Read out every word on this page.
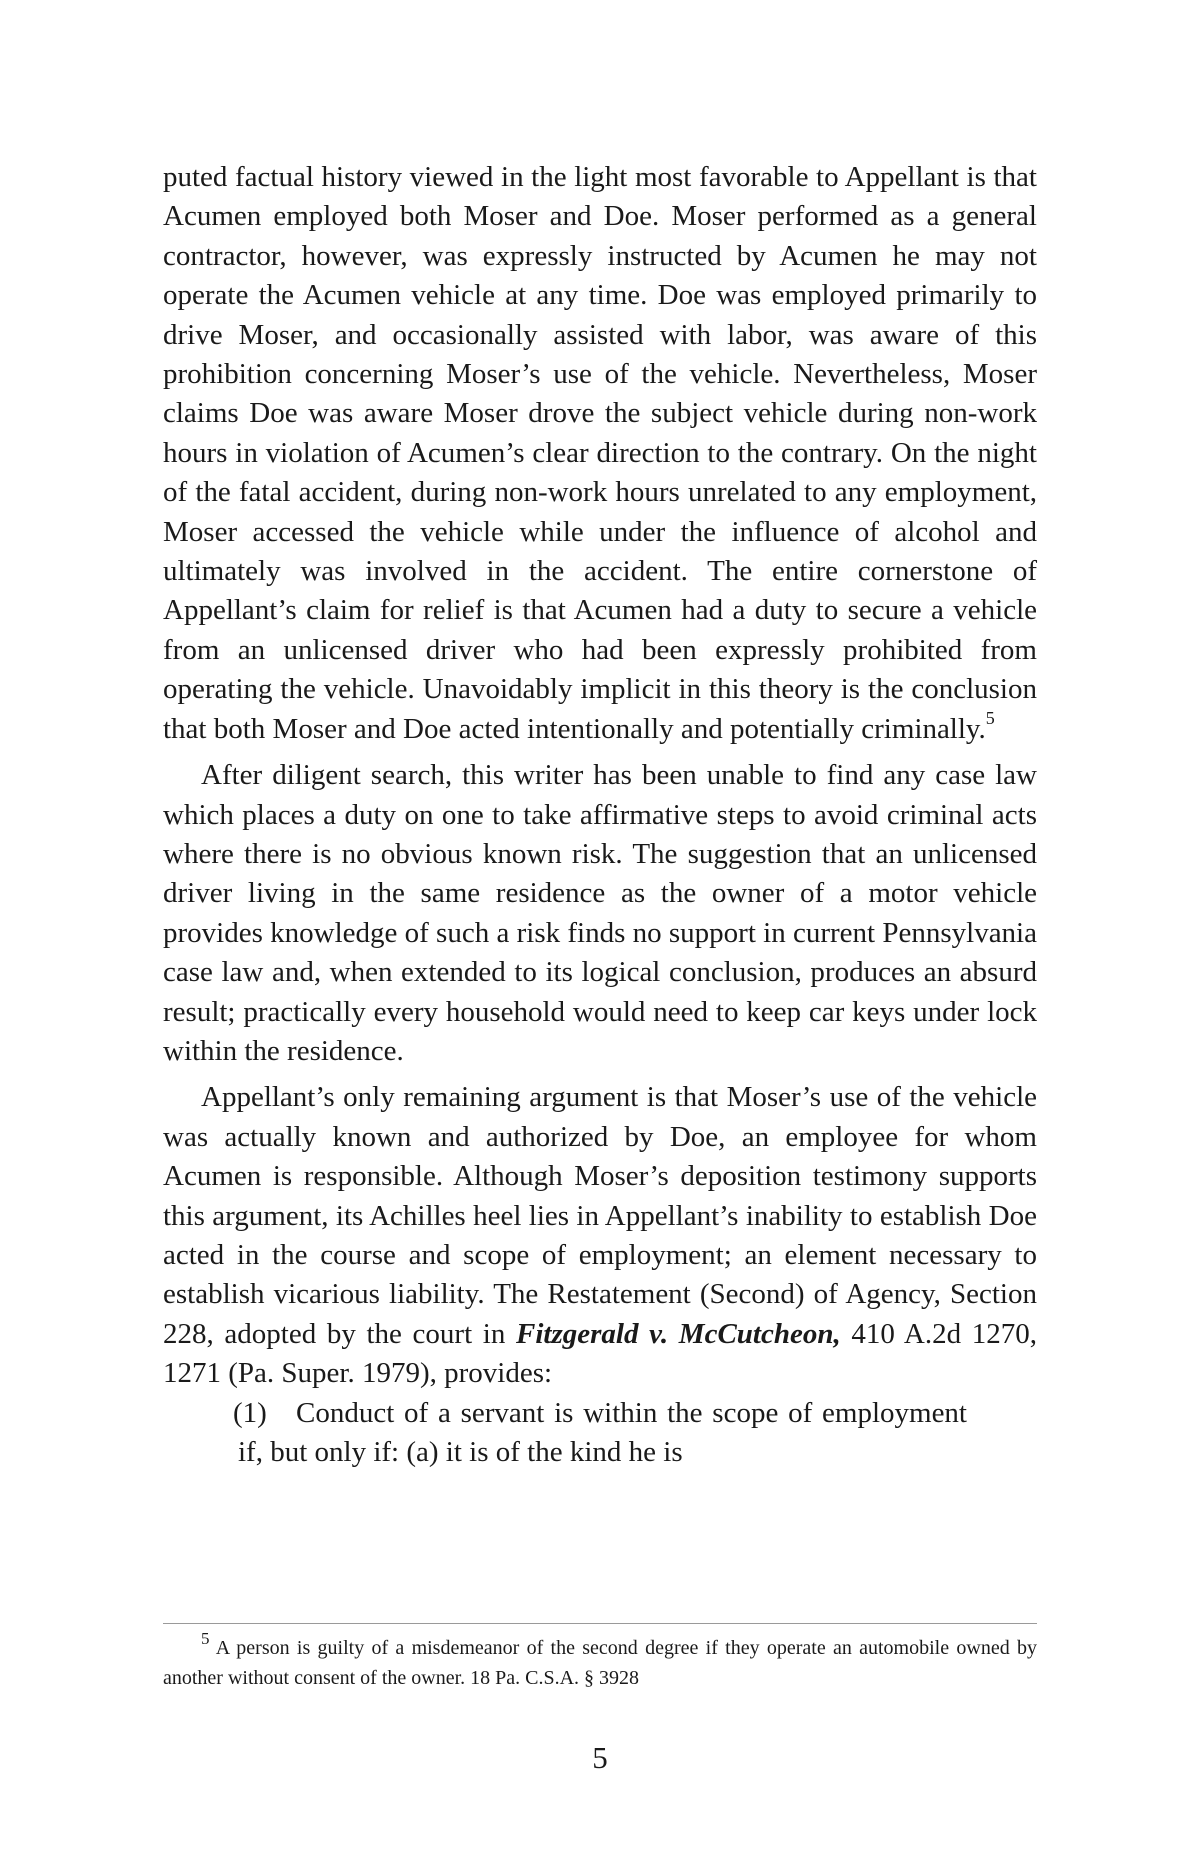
puted factual history viewed in the light most favorable to Appellant is that Acumen employed both Moser and Doe. Moser performed as a general contractor, however, was expressly instructed by Acumen he may not operate the Acumen vehicle at any time. Doe was employed primarily to drive Moser, and occasionally assisted with labor, was aware of this prohibition concerning Moser’s use of the vehicle. Nevertheless, Moser claims Doe was aware Moser drove the subject vehicle during non-work hours in violation of Acumen’s clear direction to the contrary. On the night of the fatal accident, during non-work hours unrelated to any employment, Moser accessed the vehicle while under the influence of alcohol and ultimately was involved in the accident. The entire cornerstone of Appellant’s claim for relief is that Acumen had a duty to secure a vehicle from an unlicensed driver who had been expressly prohibited from operating the vehicle. Unavoidably implicit in this theory is the conclusion that both Moser and Doe acted intentionally and potentially criminally.$^5$

After diligent search, this writer has been unable to find any case law which places a duty on one to take affirmative steps to avoid criminal acts where there is no obvious known risk. The suggestion that an unlicensed driver living in the same residence as the owner of a motor vehicle provides knowledge of such a risk finds no support in current Pennsylvania case law and, when extended to its logical conclusion, produces an absurd result; practically every household would need to keep car keys under lock within the residence.

Appellant’s only remaining argument is that Moser’s use of the vehicle was actually known and authorized by Doe, an employee for whom Acumen is responsible. Although Moser’s deposition testimony supports this argument, its Achilles heel lies in Appellant’s inability to establish Doe acted in the course and scope of employment; an element necessary to establish vicarious liability. The Restatement (Second) of Agency, Section 228, adopted by the court in Fitzgerald v. McCutcheon, 410 A.2d 1270, 1271 (Pa. Super. 1979), provides:

(1) Conduct of a servant is within the scope of employment if, but only if: (a) it is of the kind he is

$^5$ A person is guilty of a misdemeanor of the second degree if they operate an automobile owned by another without consent of the owner. 18 Pa. C.S.A. § 3928
5
